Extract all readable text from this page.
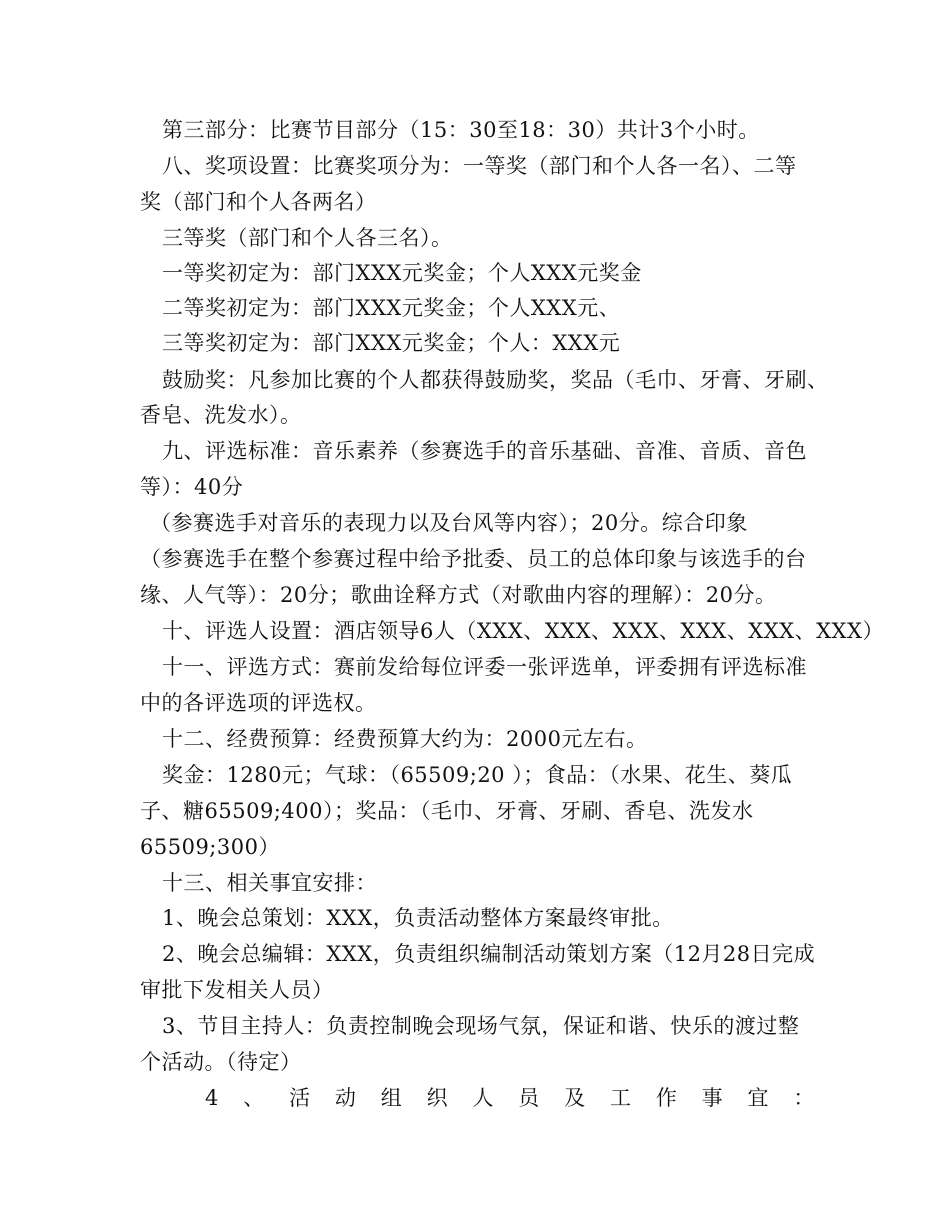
第三部分：比赛节目部分（15：30至18：30）共计3个小时。
八、奖项设置：比赛奖项分为：一等奖（部门和个人各一名）、二等
奖（部门和个人各两名）
三等奖（部门和个人各三名）。
一等奖初定为：部门XXX元奖金；个人XXX元奖金
二等奖初定为：部门XXX元奖金；个人XXX元、
三等奖初定为：部门XXX元奖金；个人：XXX元
鼓励奖：凡参加比赛的个人都获得鼓励奖，奖品（毛巾、牙膏、牙刷、
香皂、洗发水）。
九、评选标准：音乐素养（参赛选手的音乐基础、音准、音质、音色
等）：40分
（参赛选手对音乐的表现力以及台风等内容）；20分。综合印象
（参赛选手在整个参赛过程中给予批委、员工的总体印象与该选手的台
缘、人气等）：20分；歌曲诠释方式（对歌曲内容的理解）：20分。
十、评选人设置：酒店领导6人（XXX、XXX、XXX、XXX、XXX、XXX）
十一、评选方式：赛前发给每位评委一张评选单，评委拥有评选标准
中的各评选项的评选权。
十二、经费预算：经费预算大约为：2000元左右。
奖金：1280元；气球：（65509;20 ）；食品：（水果、花生、葵瓜
子、糖65509;400）；奖品：（毛巾、牙膏、牙刷、香皂、洗发水
65509;300）
十三、相关事宜安排：
1、晚会总策划：XXX，负责活动整体方案最终审批。
2、晚会总编辑：XXX，负责组织编制活动策划方案（12月28日完成
审批下发相关人员）
3、节目主持人：负责控制晚会现场气氛，保证和谐、快乐的渡过整
个活动。（待定）
4 、 活 动 组 织 人 员 及 工 作 事 宜 ：
